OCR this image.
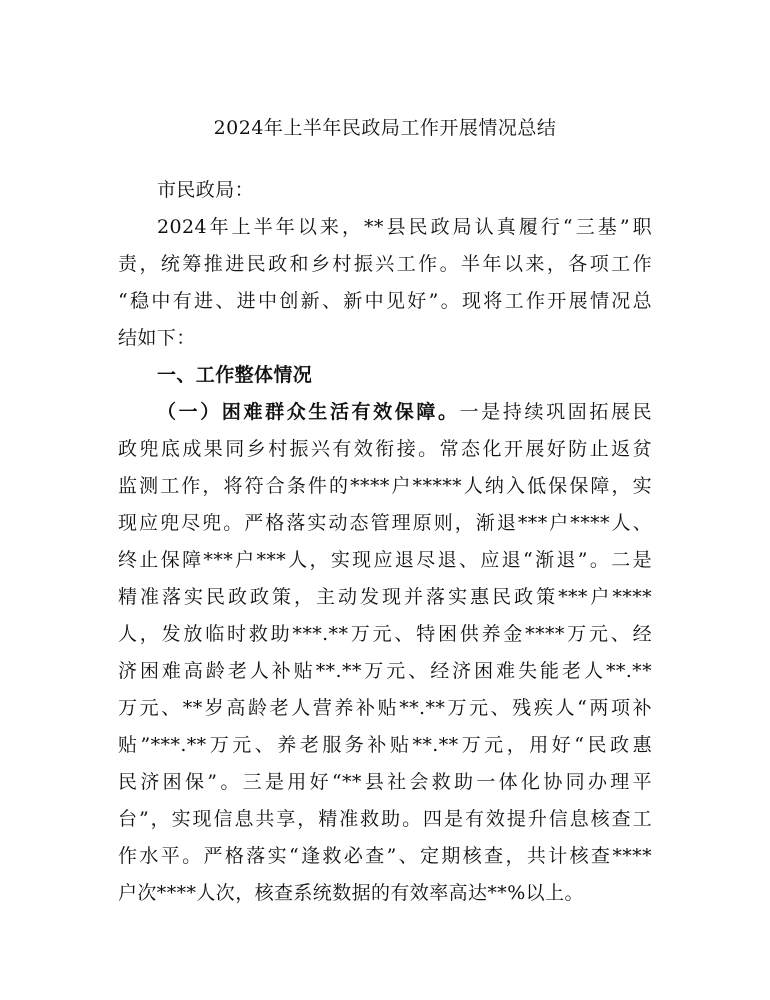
2024年上半年民政局工作开展情况总结
市民政局：
2024年上半年以来，**县民政局认真履行“三基”职
责，统筹推进民政和乡村振兴工作。半年以来，各项工作
“稳中有进、进中创新、新中见好”。现将工作开展情况总
结如下：
一、工作整体情况
（一）困难群众生活有效保障。一是持续巩固拓展民
政兜底成果同乡村振兴有效衔接。常态化开展好防止返贫
监测工作，将符合条件的****户*****人纳入低保保障，实
现应兜尽兜。严格落实动态管理原则，渐退***户****人、
终止保障***户***人，实现应退尽退、应退“渐退”。二是
精准落实民政政策，主动发现并落实惠民政策***户****
人，发放临时救助***.**万元、特困供养金****万元、经
济困难高龄老人补贴**.**万元、经济困难失能老人**.**
万元、**岁高龄老人营养补贴**.**万元、残疾人“两项补
贴”***.**万元、养老服务补贴**.**万元，用好“民政惠
民济困保”。三是用好“**县社会救助一体化协同办理平
台”，实现信息共享，精准救助。四是有效提升信息核查工
作水平。严格落实“逢救必查”、定期核查，共计核查****
户次****人次，核查系统数据的有效率高达**%以上。
